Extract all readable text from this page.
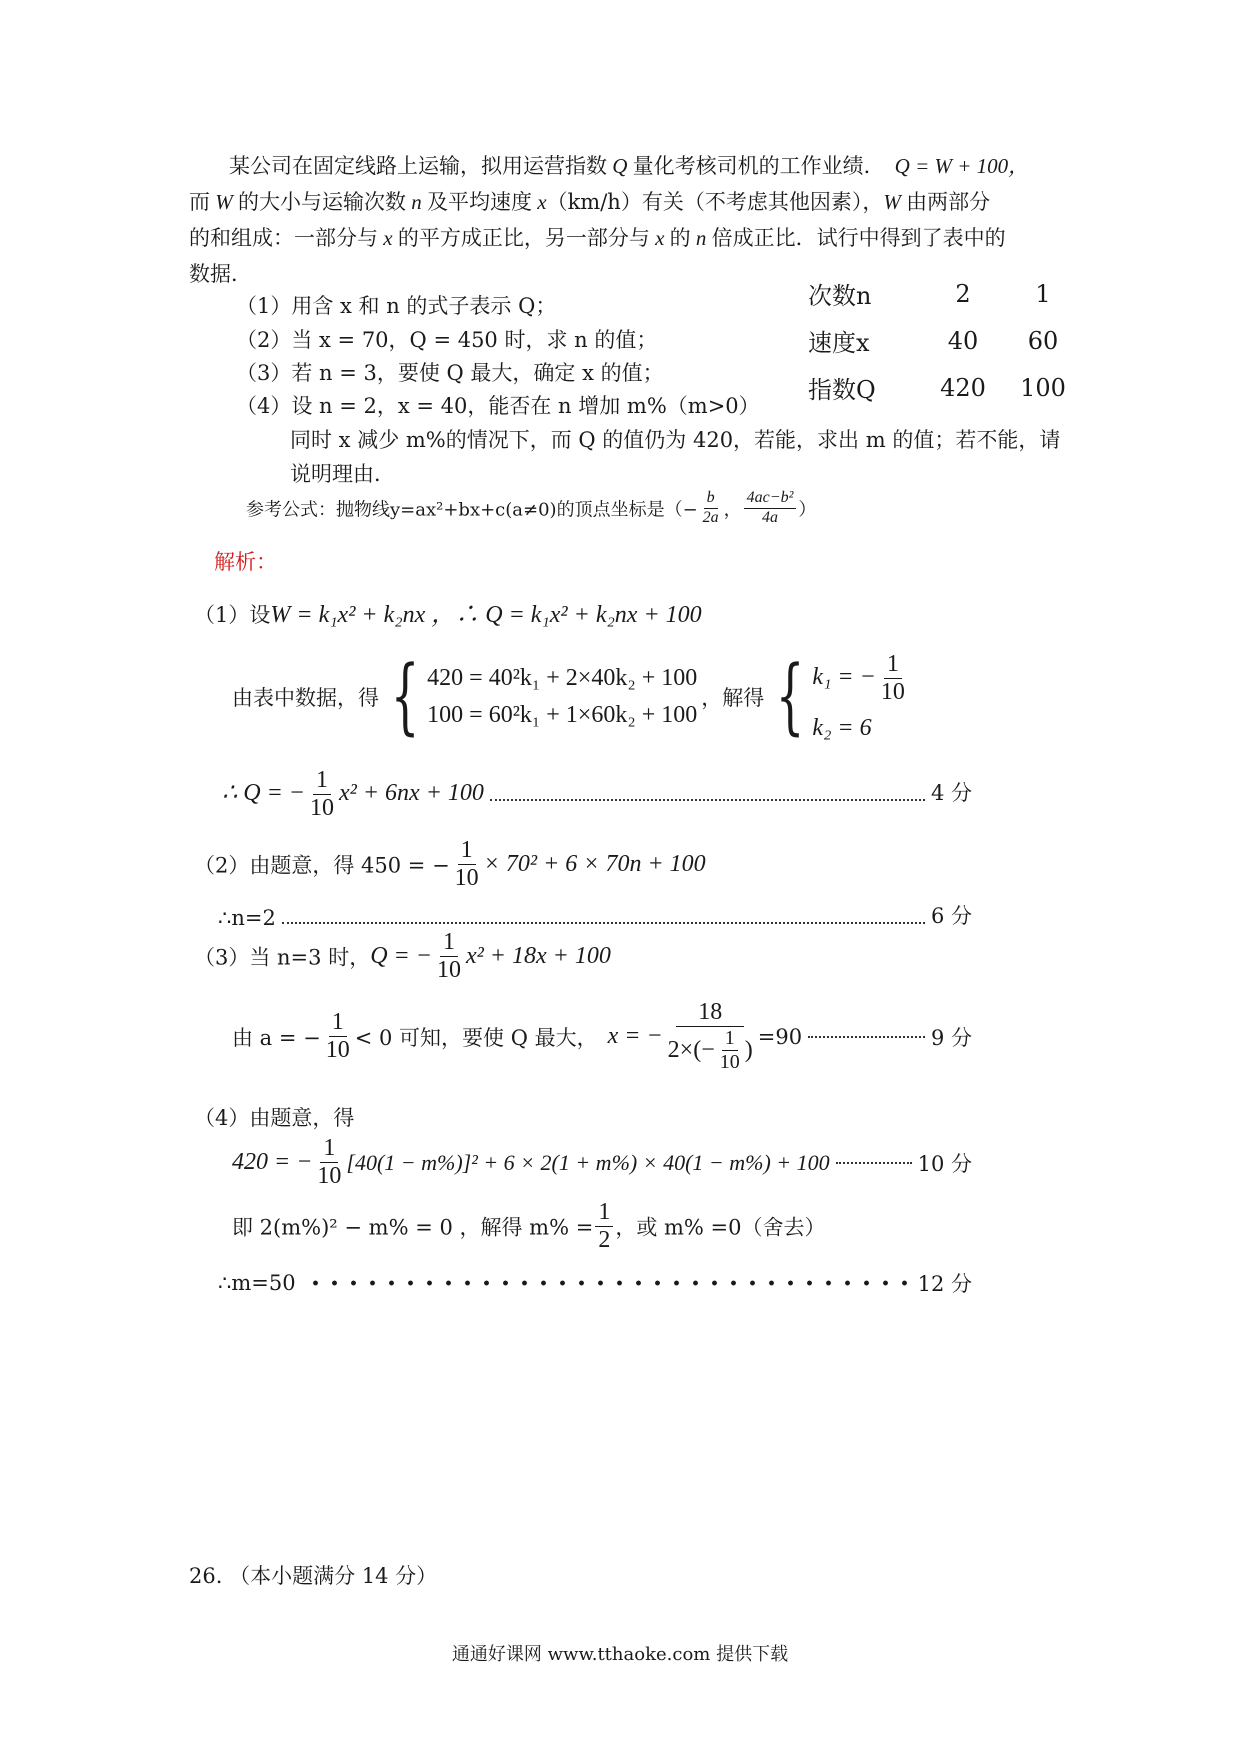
某公司在固定线路上运输，拟用运营指数 Q 量化考核司机的工作业绩． Q = W + 100，
而 W 的大小与运输次数 n 及平均速度 x（km/h）有关（不考虑其他因素），W 由两部分
的和组成：一部分与 x 的平方成正比，另一部分与 x 的 n 倍成正比．试行中得到了表中的
数据．
（1）用含 x 和 n 的式子表示 Q；
（2）当 x = 70，Q = 450 时，求 n 的值；
（3）若 n = 3，要使 Q 最大，确定 x 的值；
（4）设 n = 2，x = 40，能否在 n 增加 m%（m>0）
同时 x 减少 m%的情况下，而 Q 的值仍为 420，若能，求出 m 的值；若不能，请
说明理由．
次数n	2	1
速度x	40	60
指数Q	420	100
参考公式：抛物线y=ax²+bx+c(a≠0)的顶点坐标是（− $\frac{b}{2a}$ ， $\frac{\text{4ac−b²}}{4a}$ ）
解析：
（1）设W = k₁x² + k₂nx ，∴ Q = k₁x² + k₂nx + 100
由表中数据，得 { 420 = 40²k₁ + 2×40k₂ + 100
100 = 60²k₁ + 1×60k₂ + 100
，解得 { k₁ = − $\frac{1}{10}$
k₂ = 6
∴ Q = − $\frac{1}{10} x^2 + 6nx + 100$	4 分
（2）由题意，得 450 = − $\frac{1}{10} \times 70^2 + 6 \times 70n + 100$
∴n=2	6 分
（3）当 n=3 时，Q = − $\frac{1}{10} x^2 + 18x + 100$
由 a = − $\frac{1}{10} < 0$ 可知，要使 Q 最大， x = − $\frac{18}{2\times(- \frac{1}{10} )} =90$	9 分
（4）由题意，得
420 = − $\frac{1}{10} [40(1 - m\%)]^2 + 6 \times 2(1 + m\%) \times 40(1 - m\%) + 100$	10 分
即 2(m%)² − m% = 0 ，解得 $m\% = \frac{1}{2}$ ，或 m% =0（舍去）
∴m=50	12 分
26. （本小题满分 14 分）
通通好课网 www.tthaoke.com 提供下载
